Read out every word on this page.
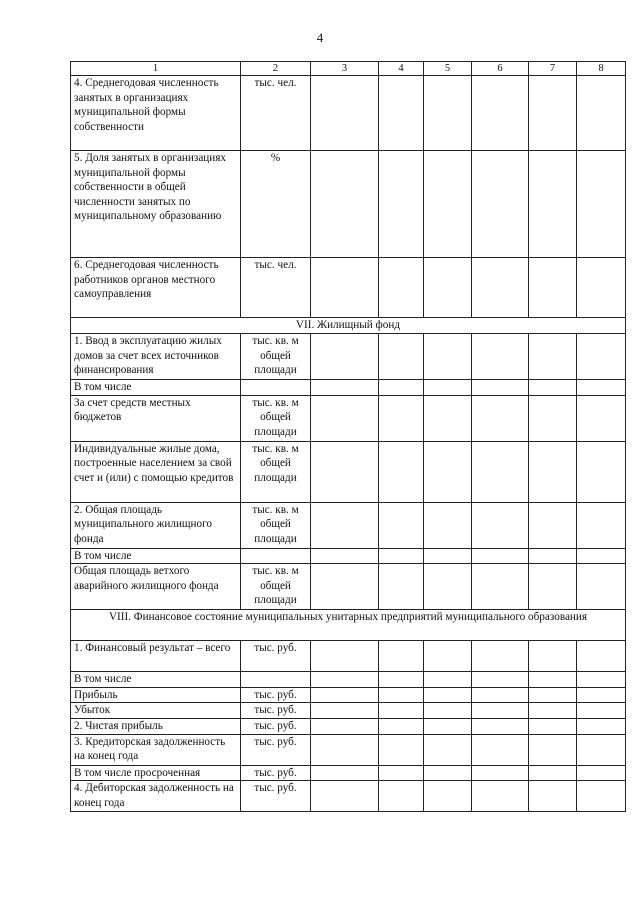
4
1	2	3	4	5	6	7	8
4. Среднегодовая численность занятых в организациях муниципальной формы собственности	тыс. чел.						
5. Доля занятых в организациях муниципальной формы собственности в общей численности занятых по муниципальному образованию	%						
6. Среднегодовая численность работников органов местного самоуправления	тыс. чел.						
VII. Жилищный фонд							
1. Ввод в эксплуатацию жилых домов за счет всех источников финансирования	тыс. кв. м общей площади						
В том числе							
За счет средств местных бюджетов	тыс. кв. м общей площади						
Индивидуальные жилые дома, построенные населением за свой счет и (или) с помощью кредитов	тыс. кв. м общей площади						
2. Общая площадь муниципального жилищного фонда	тыс. кв. м общей площади						
В том числе							
Общая площадь ветхого аварийного жилищного фонда	тыс. кв. м общей площади						
VIII. Финансовое состояние муниципальных унитарных предприятий муниципального образования							
1. Финансовый результат – всего	тыс. руб.						
В том числе							
Прибыль	тыс. руб.						
Убыток	тыс. руб.						
2. Чистая прибыль	тыс. руб.						
3. Кредиторская задолженность на конец года	тыс. руб.						
В том числе просроченная	тыс. руб.						
4. Дебиторская задолженность на конец года	тыс. руб.						
